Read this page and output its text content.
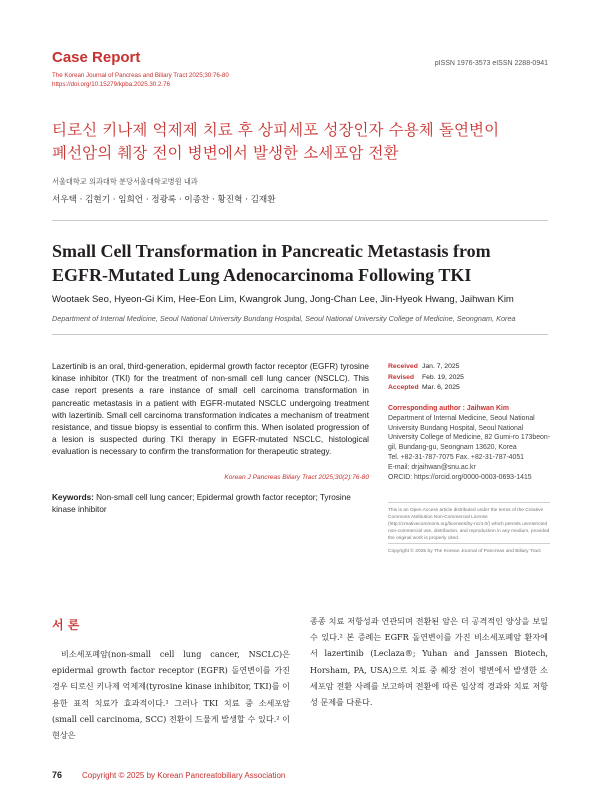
Case Report	pISSN 1976-3573 eISSN 2288-0941
The Korean Journal of Pancreas and Biliary Tract 2025;30:76-80
https://doi.org/10.15279/kpba.2025.30.2.76
티로신 키나제 억제제 치료 후 상피세포 성장인자 수용체 돌연변이
폐선암의 췌장 전이 병변에서 발생한 소세포암 전환
서울대학교 의과대학 분당서울대학교병원 내과
서우택 · 김현기 · 임희언 · 정광록 · 이종찬 · 황진혁 · 김재환
Small Cell Transformation in Pancreatic Metastasis from
EGFR-Mutated Lung Adenocarcinoma Following TKI
Wootaek Seo, Hyeon-Gi Kim, Hee-Eon Lim, Kwangrok Jung, Jong-Chan Lee, Jin-Hyeok Hwang, Jaihwan Kim
Department of Internal Medicine, Seoul National University Bundang Hospital, Seoul National University College of Medicine, Seongnam, Korea
Lazertinib is an oral, third-generation, epidermal growth factor receptor (EGFR) tyrosine kinase inhibitor (TKI) for the treatment of non-small cell lung cancer (NSCLC). This case report presents a rare instance of small cell carcinoma transformation in pancreatic metastasis in a patient with EGFR-mutated NSCLC undergoing treatment with lazertinib. Small cell carcinoma transformation indicates a mechanism of treatment resistance, and tissue biopsy is essential to confirm this. When isolated progression of a lesion is suspected during TKI therapy in EGFR-mutated NSCLC, histological evaluation is necessary to confirm the transformation for therapeutic strategy.
Korean J Pancreas Biliary Tract 2025;30(2):76-80
Keywords: Non-small cell lung cancer; Epidermal growth factor receptor; Tyrosine kinase inhibitor
Received Jan. 7, 2025
Revised Feb. 19, 2025
Accepted Mar. 6, 2025
Corresponding author : Jaihwan Kim
Department of Internal Medicine, Seoul National University Bundang Hospital, Seoul National University College of Medicine, 82 Gumi-ro 173beon-gil, Bundang-gu, Seongnam 13620, Korea
Tel. +82-31-787-7075 Fax. +82-31-787-4051
E-mail: drjaihwan@snu.ac.kr
ORCID: https://orcid.org/0000-0003-0693-1415
This is an Open Access article distributed under the terms of the Creative Commons Attribution Non-Commercial License (http://creativecommons.org/licenses/by-nc/4.0/) which permits unrestricted non-commercial use, distribution, and reproduction in any medium, provided the original work is properly cited.
Copyright © 2025 by The Korean Journal of Pancreas and Biliary Tract
서 론
비소세포폐암(non-small cell lung cancer, NSCLC)은 epidermal growth factor receptor (EGFR) 돌연변이를 가진 경우 티로신 키나제 억제제(tyrosine kinase inhibitor, TKI)를 이용한 표적 치료가 효과적이다.¹ 그러나 TKI 치료 중 소세포암(small cell carcinoma, SCC) 전환이 드물게 발생할 수 있다.² 이 현상은
종종 치료 저항성과 연관되며 전환된 암은 더 공격적인 양상을 보일 수 있다.² 본 증례는 EGFR 돌연변이를 가진 비소세포폐암 환자에서 lazertinib (Leclaza®; Yuhan and Janssen Biotech, Horsham, PA, USA)으로 치료 중 췌장 전이 병변에서 발생한 소세포암 전환 사례를 보고하며 전환에 따른 임상적 경과와 치료 저항성 문제를 다룬다.
76 Copyright © 2025 by Korean Pancreatobiliary Association
